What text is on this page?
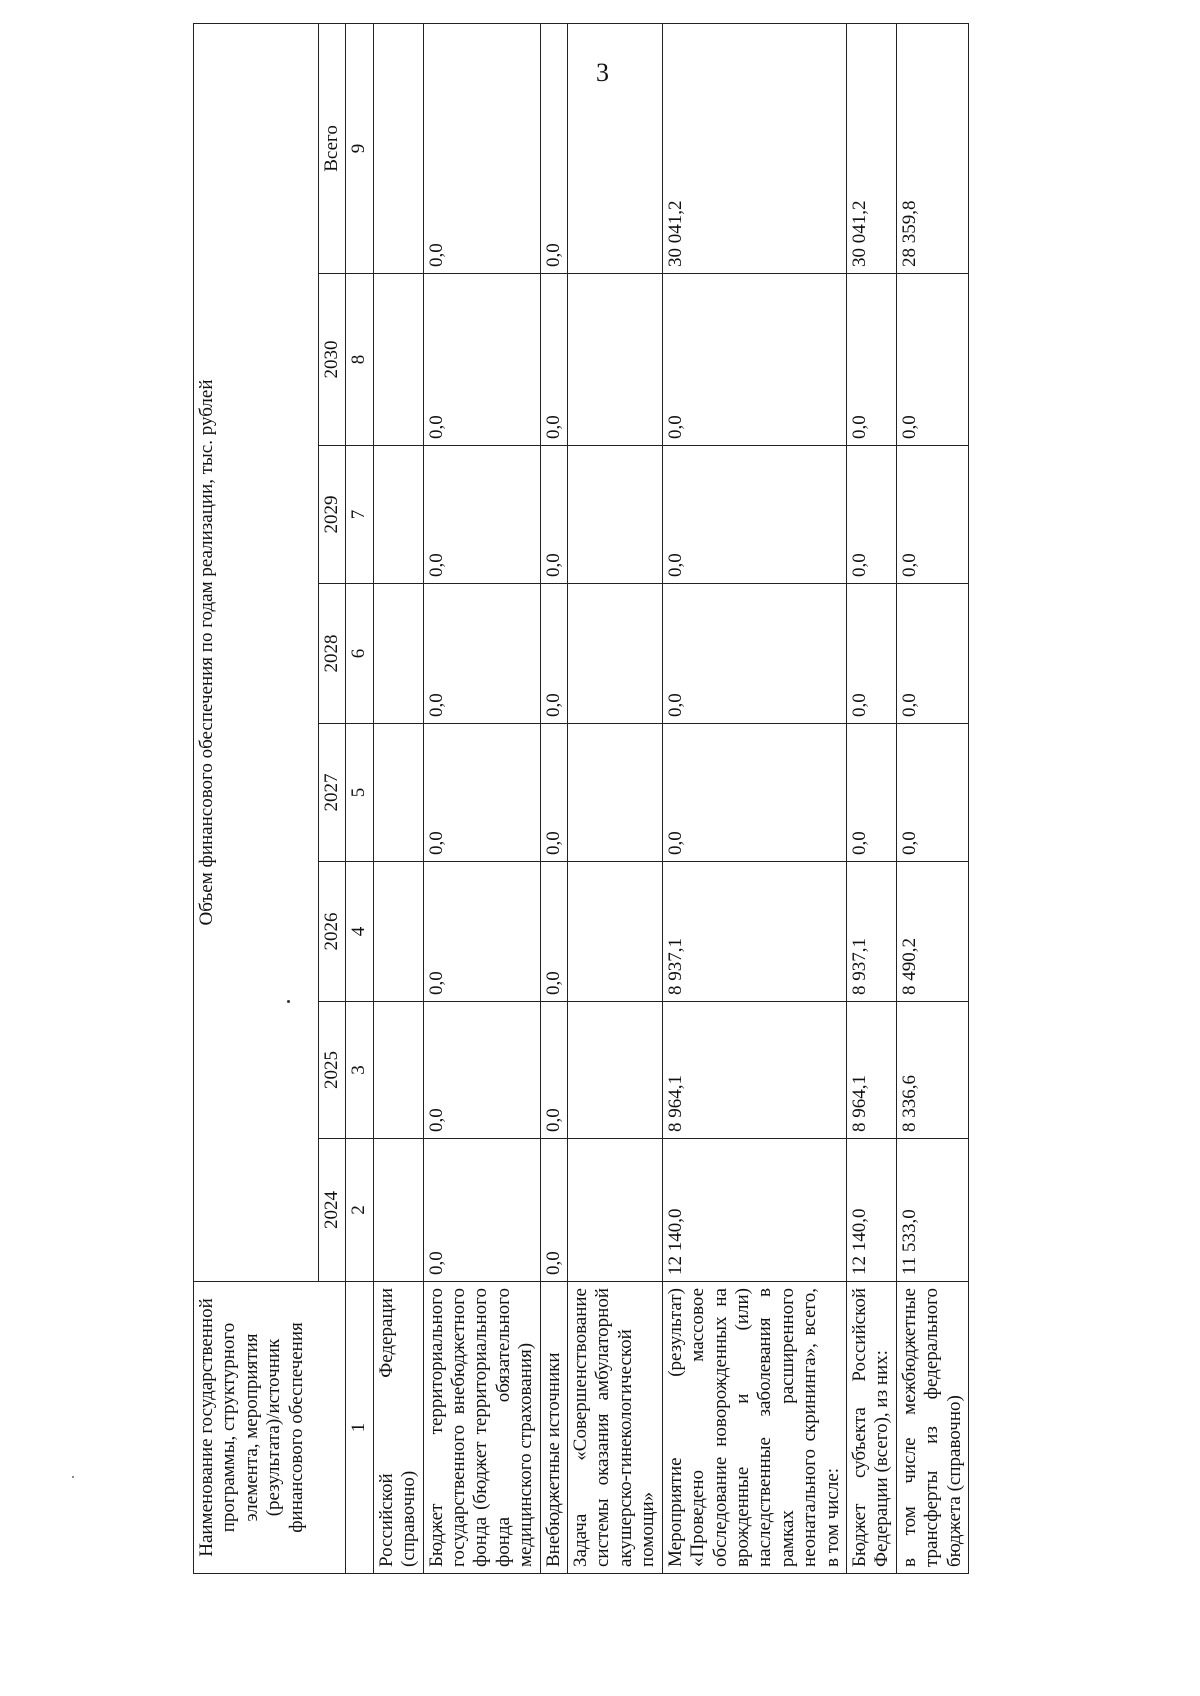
3
Наименование государственной программы, структурного элемента, мероприятия (результата)/источник финансового обеспечения	Объем финансового обеспечения по годам реализации, тыс. рублей							
	2024	2025	2026	2027	2028	2029	2030	Всего
1	2	3	4	5	6	7	8	9
Российской Федерации (справочно)								
Бюджет территориального государственного внебюджетного фонда (бюджет территориального фонда обязательного медицинского страхования)	0,0	0,0	0,0	0,0	0,0	0,0	0,0	0,0
Внебюджетные источники	0,0	0,0	0,0	0,0	0,0	0,0	0,0	0,0
Задача «Совершенствование системы оказания амбулаторной акушерско-гинекологической помощи»								
Мероприятие (результат) «Проведено массовое обследование новорожденных на врожденные и (или) наследственные заболевания в рамках расширенного неонатального скрининга», всего, в том числе:	12 140,0	8 964,1	8 937,1	0,0	0,0	0,0	0,0	30 041,2
Бюджет субъекта Российской Федерации (всего), из них:	12 140,0	8 964,1	8 937,1	0,0	0,0	0,0	0,0	30 041,2
в том числе межбюджетные трансферты из федерального бюджета (справочно)	11 533,0	8 336,6	8 490,2	0,0	0,0	0,0	0,0	28 359,8
